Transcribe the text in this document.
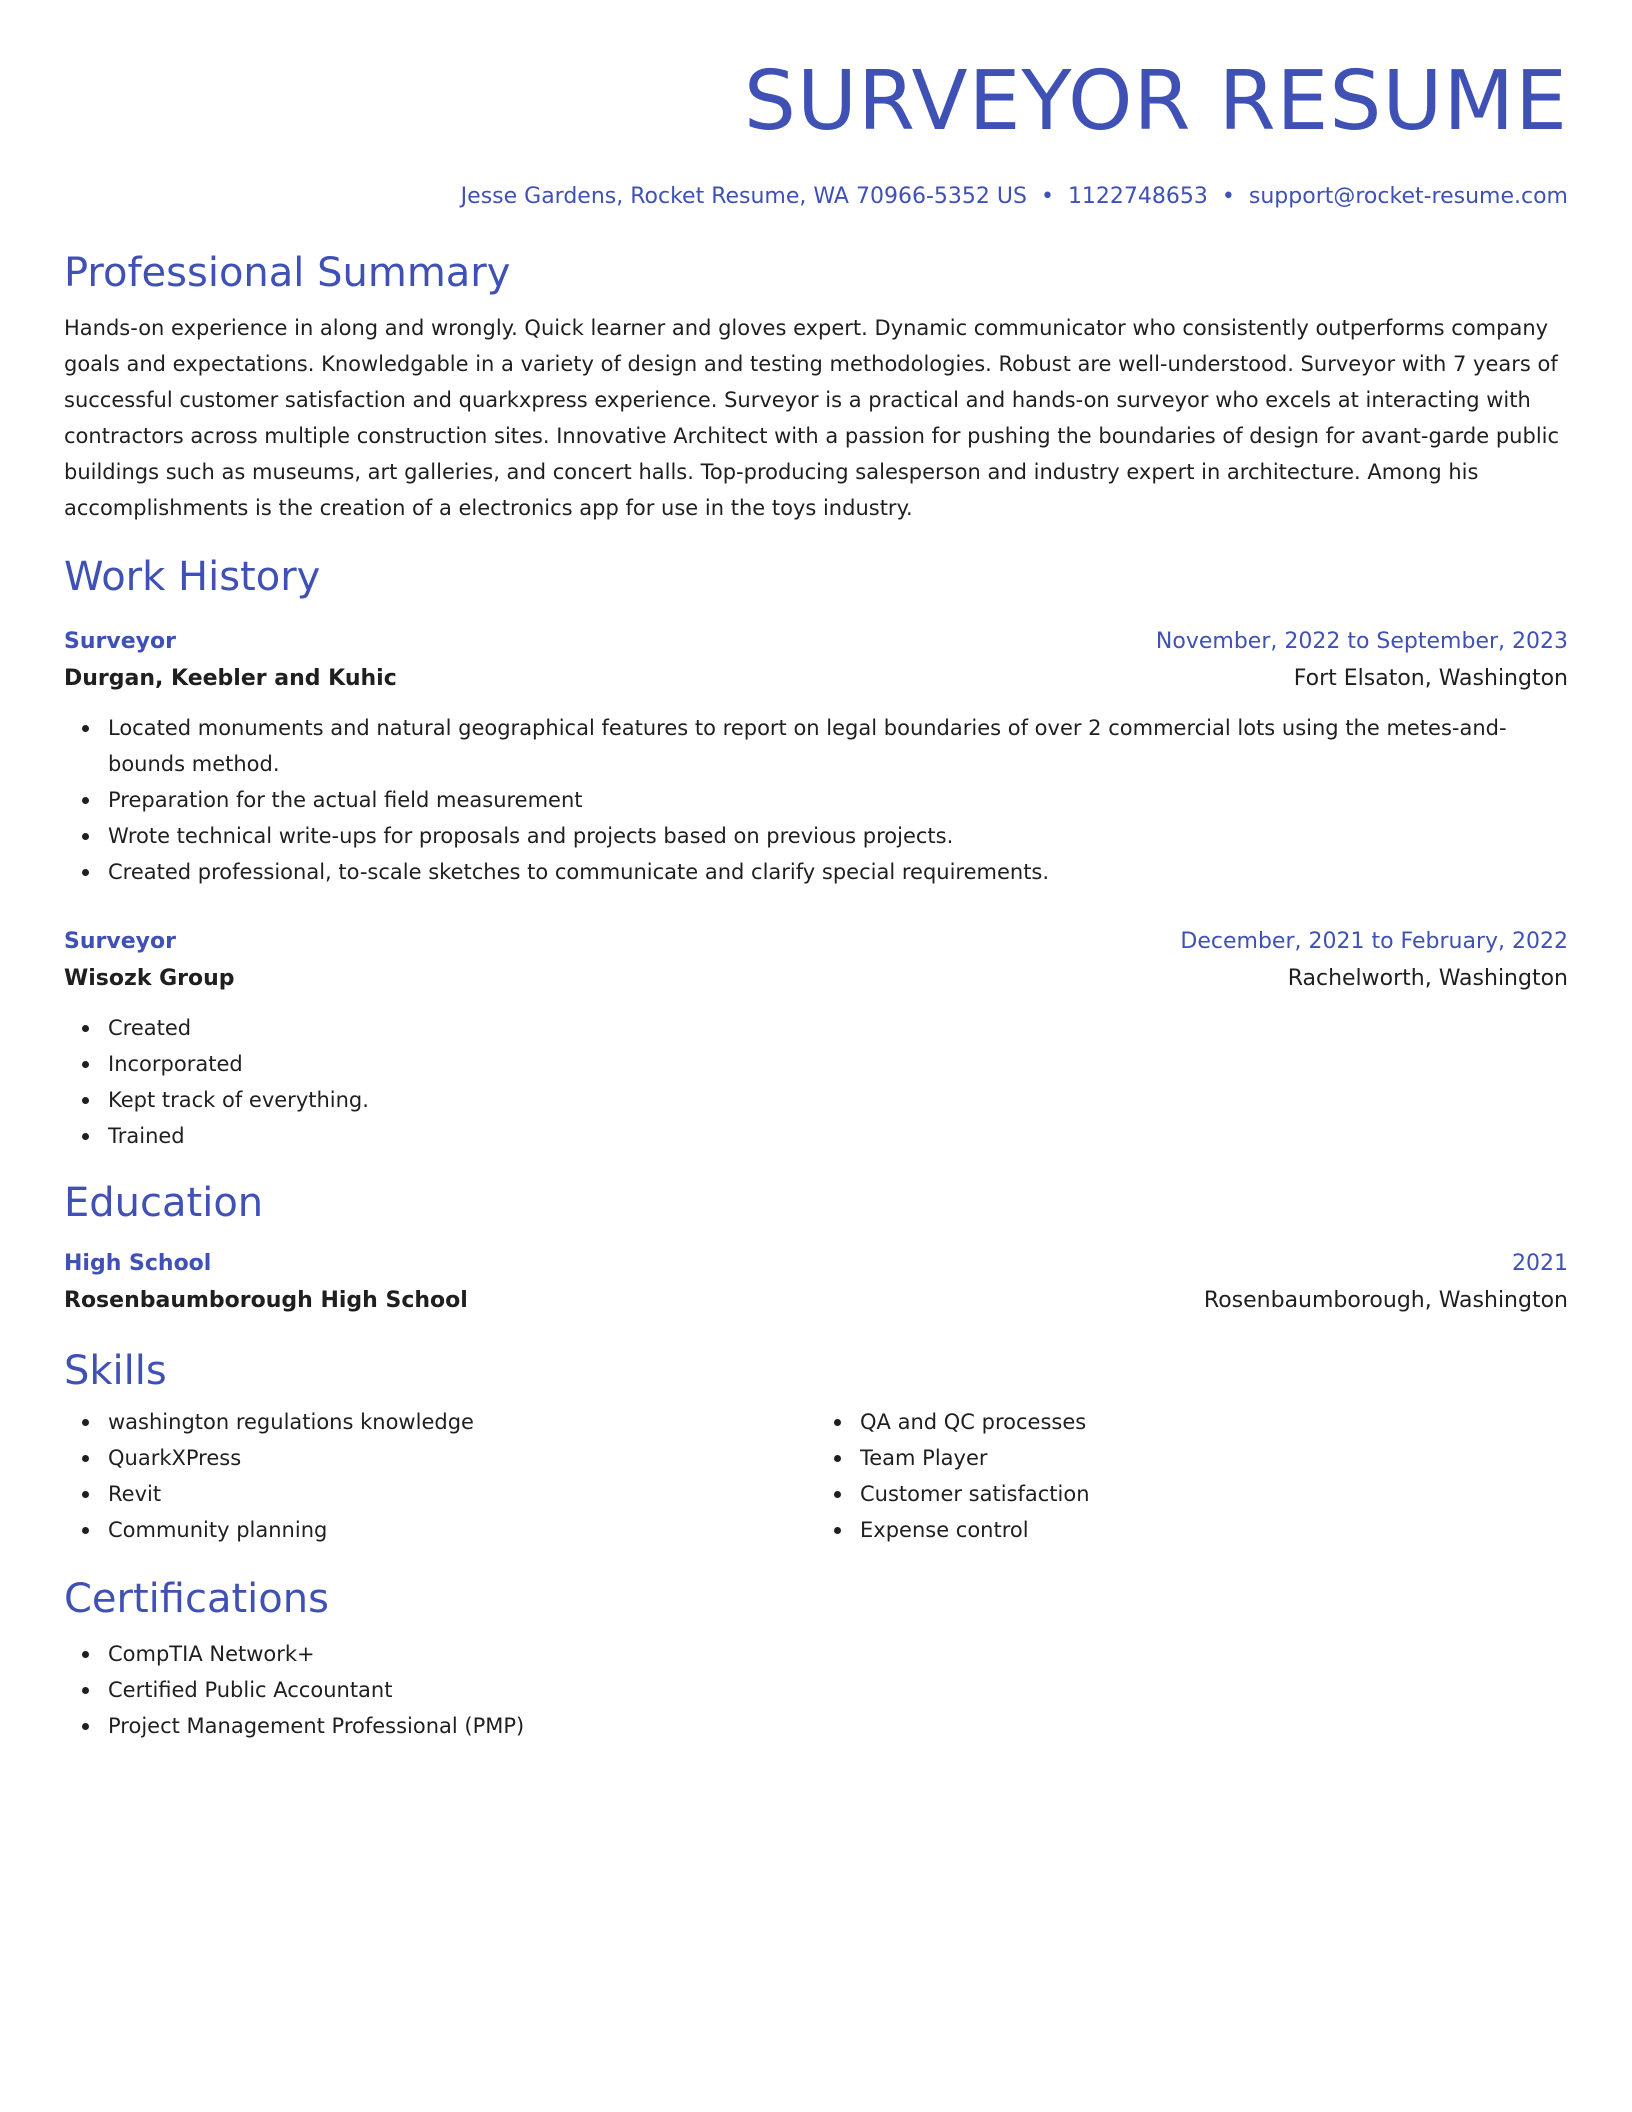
SURVEYOR RESUME
Jesse Gardens, Rocket Resume, WA 70966-5352 US • 1122748653 • support@rocket-resume.com
Professional Summary
Hands-on experience in along and wrongly. Quick learner and gloves expert. Dynamic communicator who consistently outperforms company goals and expectations. Knowledgable in a variety of design and testing methodologies. Robust are well-understood. Surveyor with 7 years of successful customer satisfaction and quarkxpress experience. Surveyor is a practical and hands-on surveyor who excels at interacting with contractors across multiple construction sites. Innovative Architect with a passion for pushing the boundaries of design for avant-garde public buildings such as museums, art galleries, and concert halls. Top-producing salesperson and industry expert in architecture. Among his accomplishments is the creation of a electronics app for use in the toys industry.
Work History
Surveyor	November, 2022 to September, 2023
Durgan, Keebler and Kuhic	Fort Elsaton, Washington
Located monuments and natural geographical features to report on legal boundaries of over 2 commercial lots using the metes-and-bounds method.
Preparation for the actual field measurement
Wrote technical write-ups for proposals and projects based on previous projects.
Created professional, to-scale sketches to communicate and clarify special requirements.
Surveyor	December, 2021 to February, 2022
Wisozk Group	Rachelworth, Washington
Created
Incorporated
Kept track of everything.
Trained
Education
High School	2021
Rosenbaumborough High School	Rosenbaumborough, Washington
Skills
washington regulations knowledge
QuarkXPress
Revit
Community planning
QA and QC processes
Team Player
Customer satisfaction
Expense control
Certifications
CompTIA Network+
Certified Public Accountant
Project Management Professional (PMP)
